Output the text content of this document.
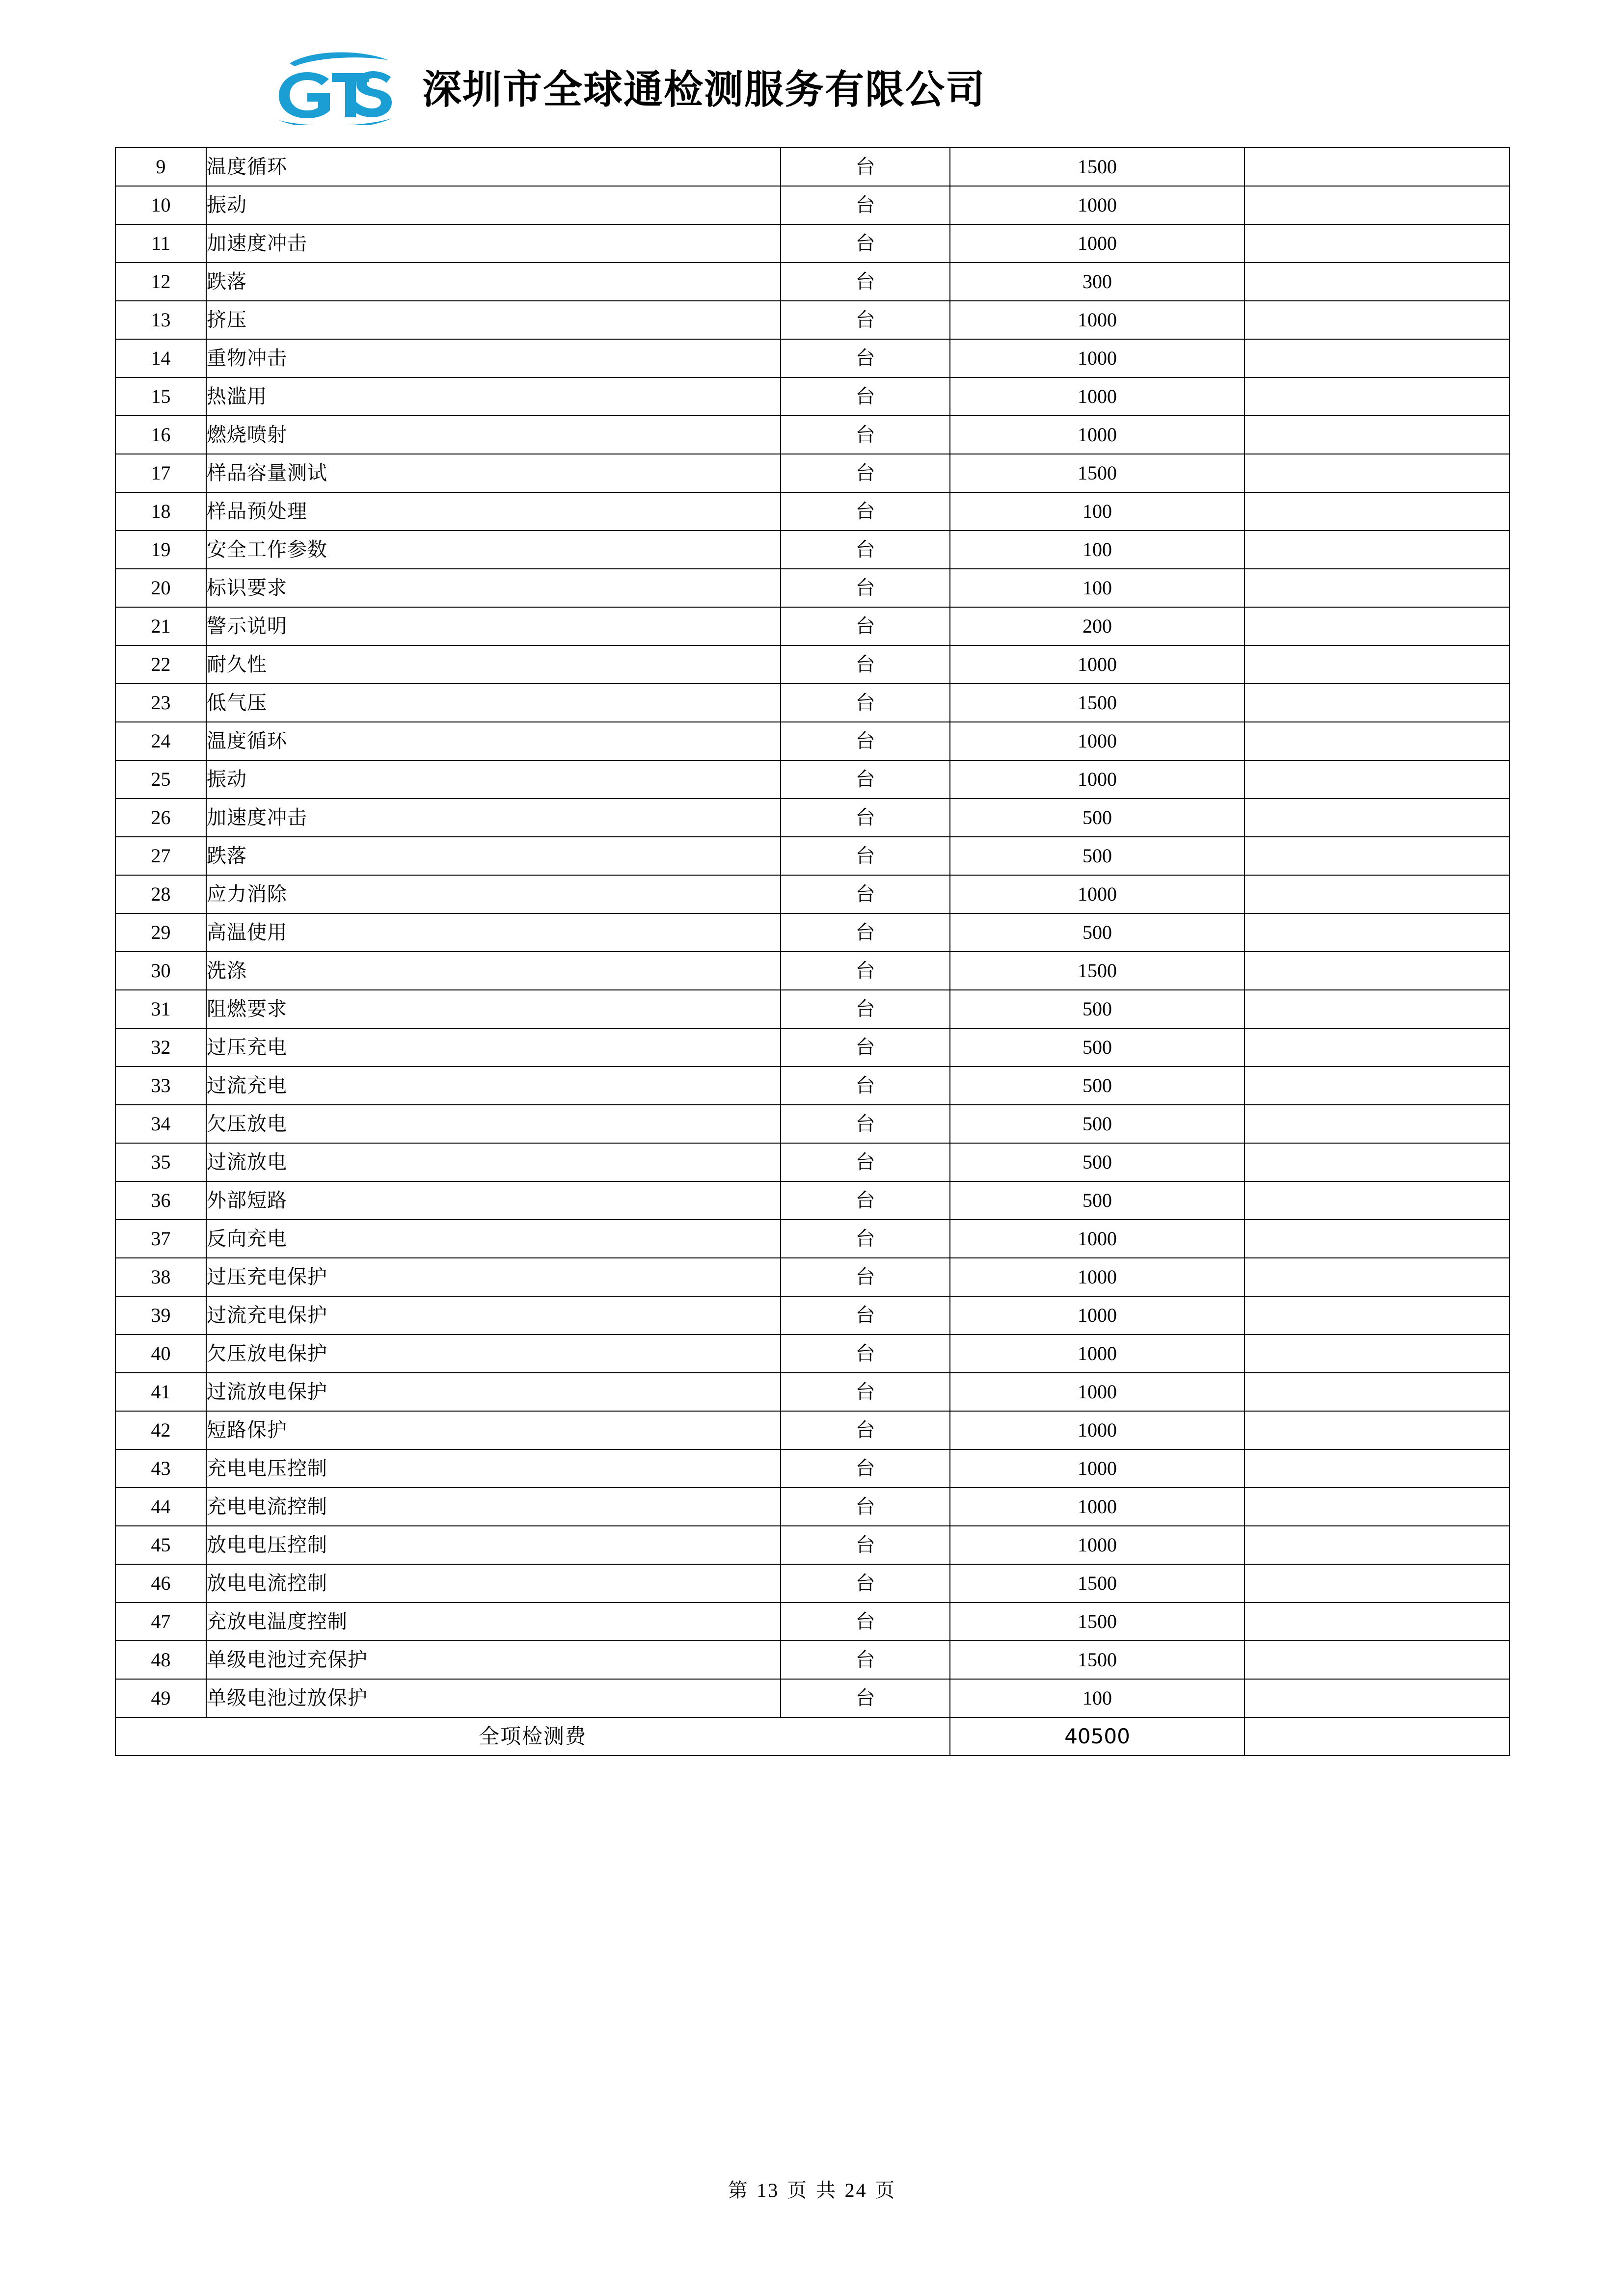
深圳市全球通检测服务有限公司
9	温度循环	台	1500	
10	振动	台	1000	
11	加速度冲击	台	1000	
12	跌落	台	300	
13	挤压	台	1000	
14	重物冲击	台	1000	
15	热滥用	台	1000	
16	燃烧喷射	台	1000	
17	样品容量测试	台	1500	
18	样品预处理	台	100	
19	安全工作参数	台	100	
20	标识要求	台	100	
21	警示说明	台	200	
22	耐久性	台	1000	
23	低气压	台	1500	
24	温度循环	台	1000	
25	振动	台	1000	
26	加速度冲击	台	500	
27	跌落	台	500	
28	应力消除	台	1000	
29	高温使用	台	500	
30	洗涤	台	1500	
31	阻燃要求	台	500	
32	过压充电	台	500	
33	过流充电	台	500	
34	欠压放电	台	500	
35	过流放电	台	500	
36	外部短路	台	500	
37	反向充电	台	1000	
38	过压充电保护	台	1000	
39	过流充电保护	台	1000	
40	欠压放电保护	台	1000	
41	过流放电保护	台	1000	
42	短路保护	台	1000	
43	充电电压控制	台	1000	
44	充电电流控制	台	1000	
45	放电电压控制	台	1000	
46	放电电流控制	台	1500	
47	充放电温度控制	台	1500	
48	单级电池过充保护	台	1500	
49	单级电池过放保护	台	100	
全项检测费			40500	
第 13 页 共 24 页
